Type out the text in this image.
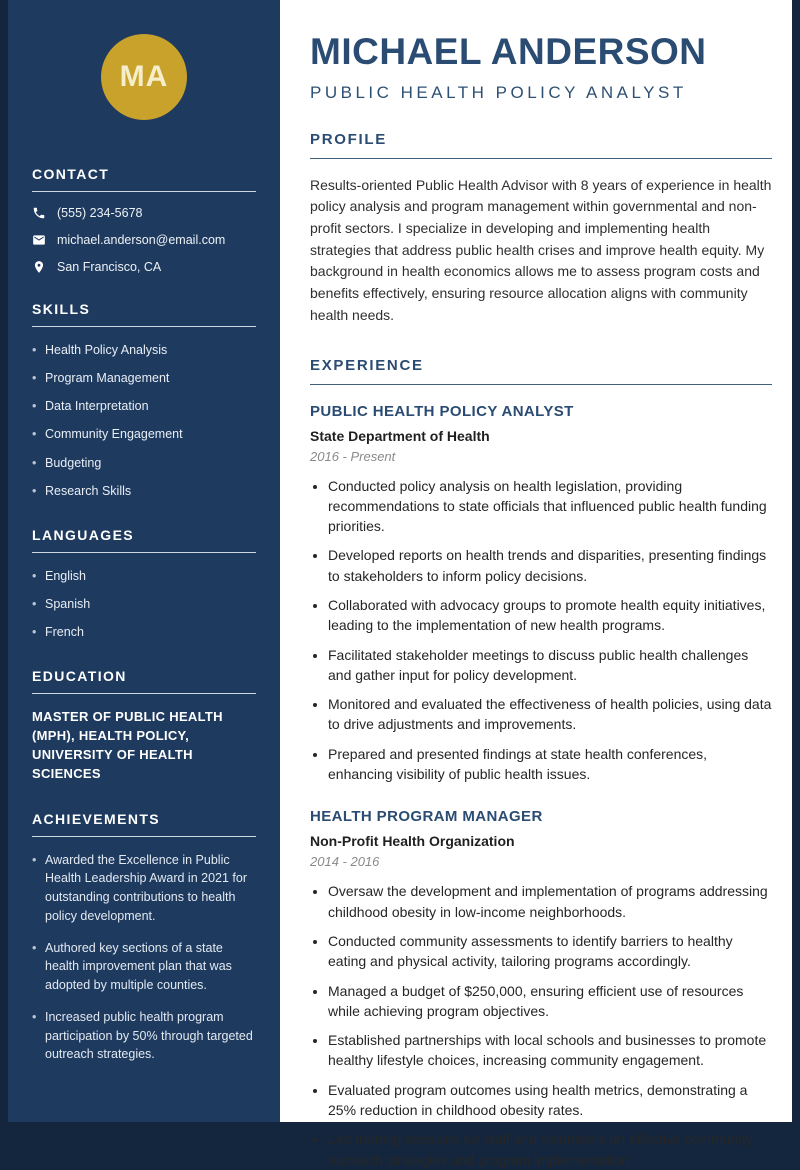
MA
CONTACT
(555) 234-5678
michael.anderson@email.com
San Francisco, CA
SKILLS
• Health Policy Analysis
• Program Management
• Data Interpretation
• Community Engagement
• Budgeting
• Research Skills
LANGUAGES
• English
• Spanish
• French
EDUCATION
MASTER OF PUBLIC HEALTH (MPH), HEALTH POLICY, UNIVERSITY OF HEALTH SCIENCES
ACHIEVEMENTS
• Awarded the Excellence in Public Health Leadership Award in 2021 for outstanding contributions to health policy development.
• Authored key sections of a state health improvement plan that was adopted by multiple counties.
• Increased public health program participation by 50% through targeted outreach strategies.
MICHAEL ANDERSON
PUBLIC HEALTH POLICY ANALYST
PROFILE

Results-oriented Public Health Advisor with 8 years of experience in health policy analysis and program management within governmental and non-profit sectors. I specialize in developing and implementing health strategies that address public health crises and improve health equity. My background in health economics allows me to assess program costs and benefits effectively, ensuring resource allocation aligns with community health needs.

EXPERIENCE
PUBLIC HEALTH POLICY ANALYST
State Department of Health
2016 - Present
• Conducted policy analysis on health legislation, providing recommendations to state officials that influenced public health funding priorities.
• Developed reports on health trends and disparities, presenting findings to stakeholders to inform policy decisions.
• Collaborated with advocacy groups to promote health equity initiatives, leading to the implementation of new health programs.
• Facilitated stakeholder meetings to discuss public health challenges and gather input for policy development.
• Monitored and evaluated the effectiveness of health policies, using data to drive adjustments and improvements.
• Prepared and presented findings at state health conferences, enhancing visibility of public health issues.
HEALTH PROGRAM MANAGER
Non-Profit Health Organization
2014 - 2016
• Oversaw the development and implementation of programs addressing childhood obesity in low-income neighborhoods.
• Conducted community assessments to identify barriers to healthy eating and physical activity, tailoring programs accordingly.
• Managed a budget of $250,000, ensuring efficient use of resources while achieving program objectives.
• Established partnerships with local schools and businesses to promote healthy lifestyle choices, increasing community engagement.
• Evaluated program outcomes using health metrics, demonstrating a 25% reduction in childhood obesity rates.
• Led training sessions for staff and volunteers on effective community outreach strategies and program implementation.
